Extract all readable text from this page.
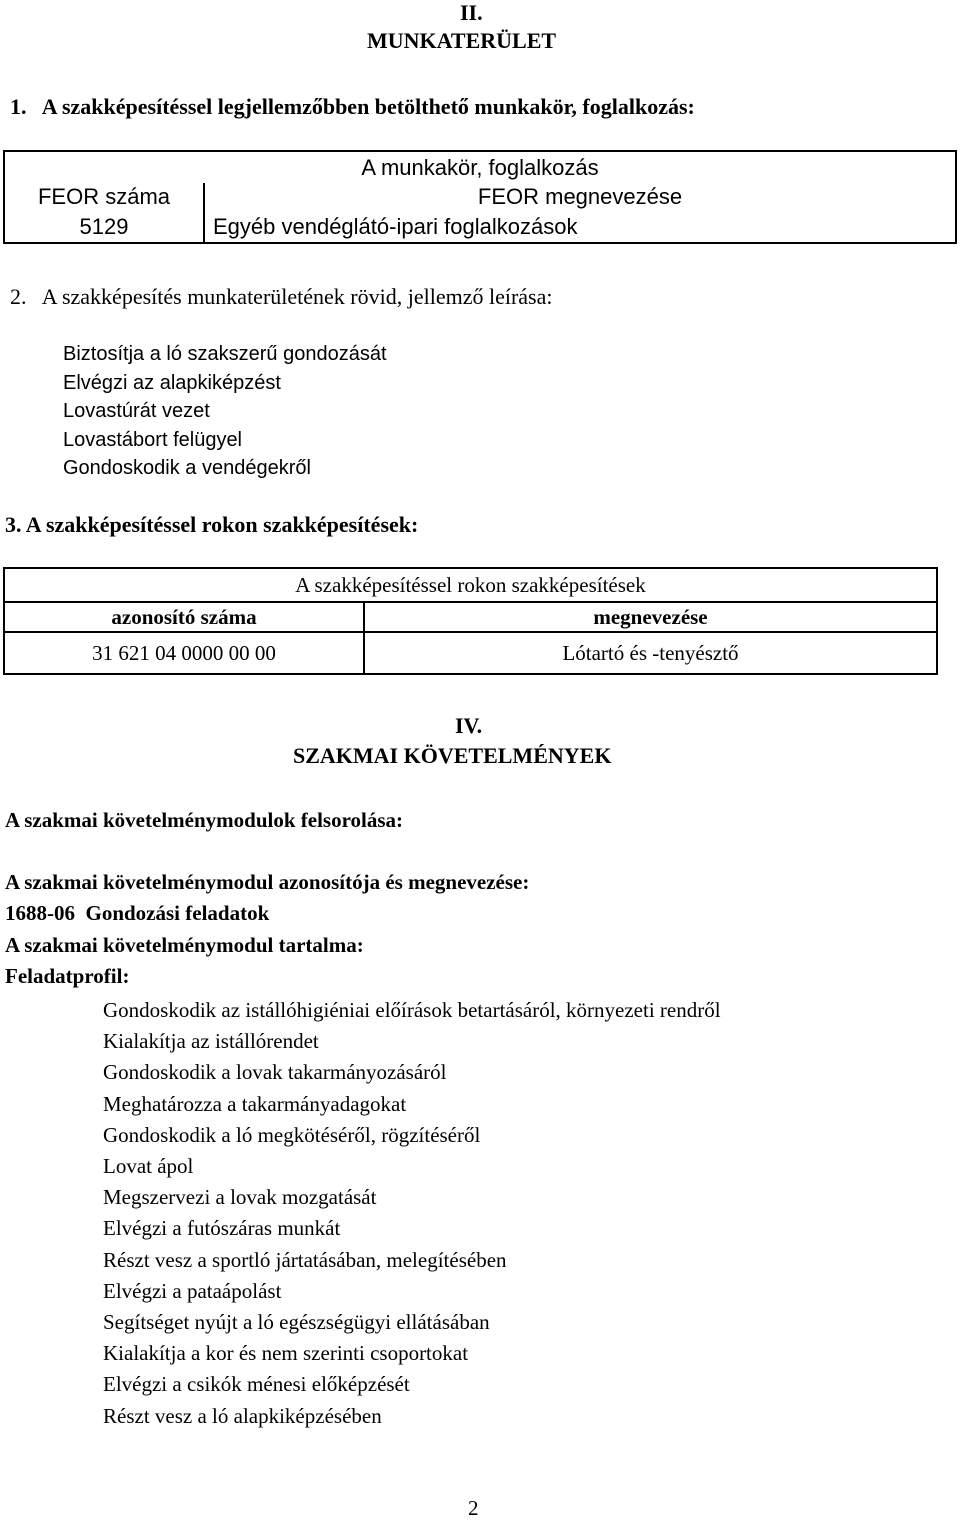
II.
MUNKATERÜLET
1.   A szakképesítéssel legjellemzőbben betölthető munkakör, foglalkozás:
A munkakör, foglalkozás	
FEOR száma	FEOR megnevezése
5129	Egyéb vendéglátó-ipari foglalkozások
2.   A szakképesítés munkaterületének rövid, jellemző leírása:
Biztosítja a ló szakszerű gondozását
Elvégzi az alapkiképzést
Lovastúrát vezet
Lovastábort felügyel
Gondoskodik a vendégekről
3. A szakképesítéssel rokon szakképesítések:
A szakképesítéssel rokon szakképesítések	
azonosító száma	megnevezése
31 621 04 0000 00 00	Lótartó és -tenyésztő
IV.
SZAKMAI KÖVETELMÉNYEK
A szakmai követelménymodulok felsorolása:
A szakmai követelménymodul azonosítója és megnevezése:
1688-06  Gondozási feladatok
A szakmai követelménymodul tartalma:
Feladatprofil:
Gondoskodik az istállóhigiéniai előírások betartásáról, környezeti rendről
Kialakítja az istállórendet
Gondoskodik a lovak takarmányozásáról
Meghatározza a takarmányadagokat
Gondoskodik a ló megkötéséről, rögzítéséről
Lovat ápol
Megszervezi a lovak mozgatását
Elvégzi a futószáras munkát
Részt vesz a sportló jártatásában, melegítésében
Elvégzi a pataápolást
Segítséget nyújt a ló egészségügyi ellátásában
Kialakítja a kor és nem szerinti csoportokat
Elvégzi a csikók ménesi előképzését
Részt vesz a ló alapkiképzésében
2
